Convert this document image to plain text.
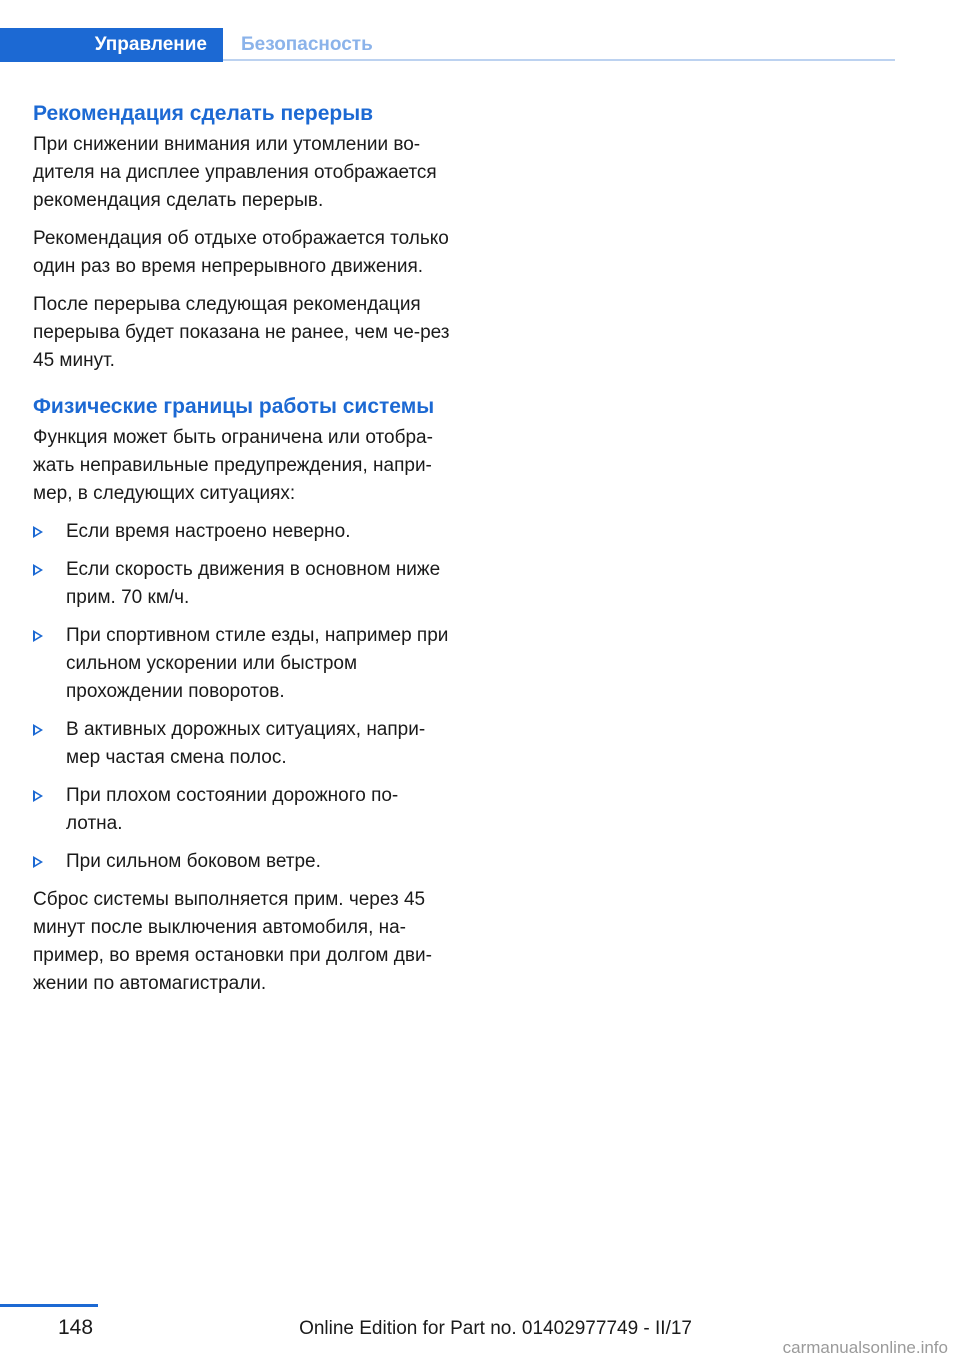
Управление	Безопасность
Рекомендация сделать перерыв

При снижении внимания или утомлении во-дителя на дисплее управления отображается рекомендация сделать перерыв.

Рекомендация об отдыхе отображается только один раз во время непрерывного движения.

После перерыва следующая рекомендация перерыва будет показана не ранее, чем че-рез 45 минут.

Физические границы работы системы

Функция может быть ограничена или отобра-жать неправильные предупреждения, напри-мер, в следующих ситуациях:

Если время настроено неверно.
Если скорость движения в основном ниже прим. 70 км/ч.
При спортивном стиле езды, например при сильном ускорении или быстром прохождении поворотов.
В активных дорожных ситуациях, напри-мер частая смена полос.
При плохом состоянии дорожного по-лотна.
При сильном боковом ветре.

Сброс системы выполняется прим. через 45 минут после выключения автомобиля, на-пример, во время остановки при долгом дви-жении по автомагистрали.

148	Online Edition for Part no. 01402977749 - II/17
carmanualsonline.info
